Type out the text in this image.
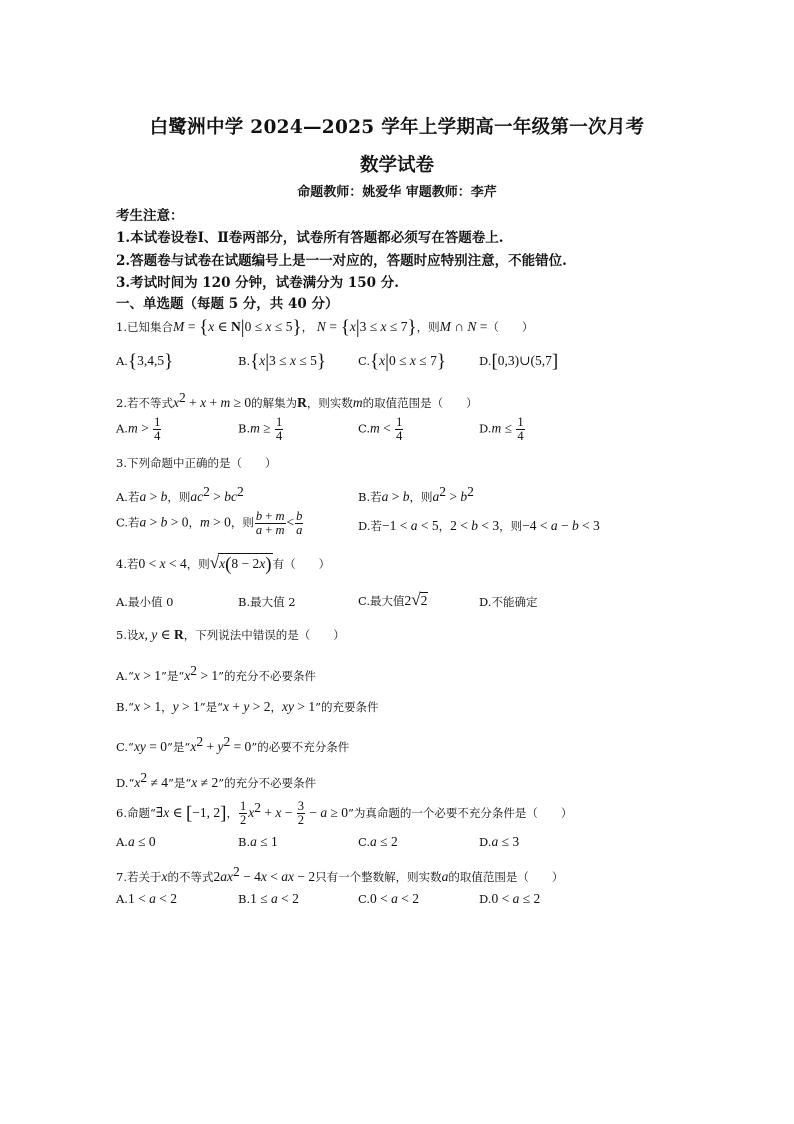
白鹭洲中学 2024—2025 学年上学期高一年级第一次月考
数学试卷
命题教师：姚爱华 审题教师：李芹
考生注意：
1.本试卷设卷Ⅰ、Ⅱ卷两部分，试卷所有答题都必须写在答题卷上.
2.答题卷与试卷在试题编号上是一一对应的，答题时应特别注意，不能错位.
3.考试时间为 120 分钟，试卷满分为 150 分.
一、单选题（每题 5 分，共 40 分）
1.已知集合M = {x ∈ N|0 ≤ x ≤ 5}， N = {x|3 ≤ x ≤ 7}，则M ∩ N =（　　）
A.{3,4,5}	B.{x|3 ≤ x ≤ 5}	C.{x|0 ≤ x ≤ 7}	D.[0,3)∪(5,7]
2.若不等式$x^2 + x + m \ge 0$的解集为R，则实数m的取值范围是（　　）
$A.m > \frac{1}{4}$	$B.m \ge \frac{1}{4}$	$C.m < \frac{1}{4}$	$D.m \le \frac{1}{4}$
3.下列命题中正确的是（　　）
A.若a > b，则$ac^2 > bc^2$	B.若a > b，则$a^2 > b^2$
C.若a > b > 0，m > 0，则 $\frac{b + m}{a + m} < \frac{b}{a}$	D.若−1 < a < 5，2 < b < 3，则−4 < a − b < 3
4.若0 < x < 4，则√x(8 − 2x)有（　　）
A.最小值 0	B.最大值 2	C.最大值2√2	D.不能确定
5.设x, y ∈ R，下列说法中错误的是（　　）
A.“x > 1”是“$x^2 > 1$”的充分不必要条件
B.“x > 1，y > 1”是“x + y > 2，xy > 1”的充要条件
C.“xy = 0”是“$x^2 + y^2 = 0$”的必要不充分条件
$D.“x^2 \ne 4$”是“x ≠ 2”的充分不必要条件
6.命题“∃x ∈ [−1, 2]， $\frac{1}{2} x^2 + x - \frac{3}{2} - a \ge 0$”为真命题的一个必要不充分条件是（　　）
A.a ≤ 0	B.a ≤ 1	C.a ≤ 2	D.a ≤ 3
7.若关于x的不等式$2ax^2 - 4x$ < ax − 2只有一个整数解，则实数a的取值范围是（　　）
A.1 < a < 2	B.1 ≤ a < 2	C.0 < a < 2	D.0 < a ≤ 2
